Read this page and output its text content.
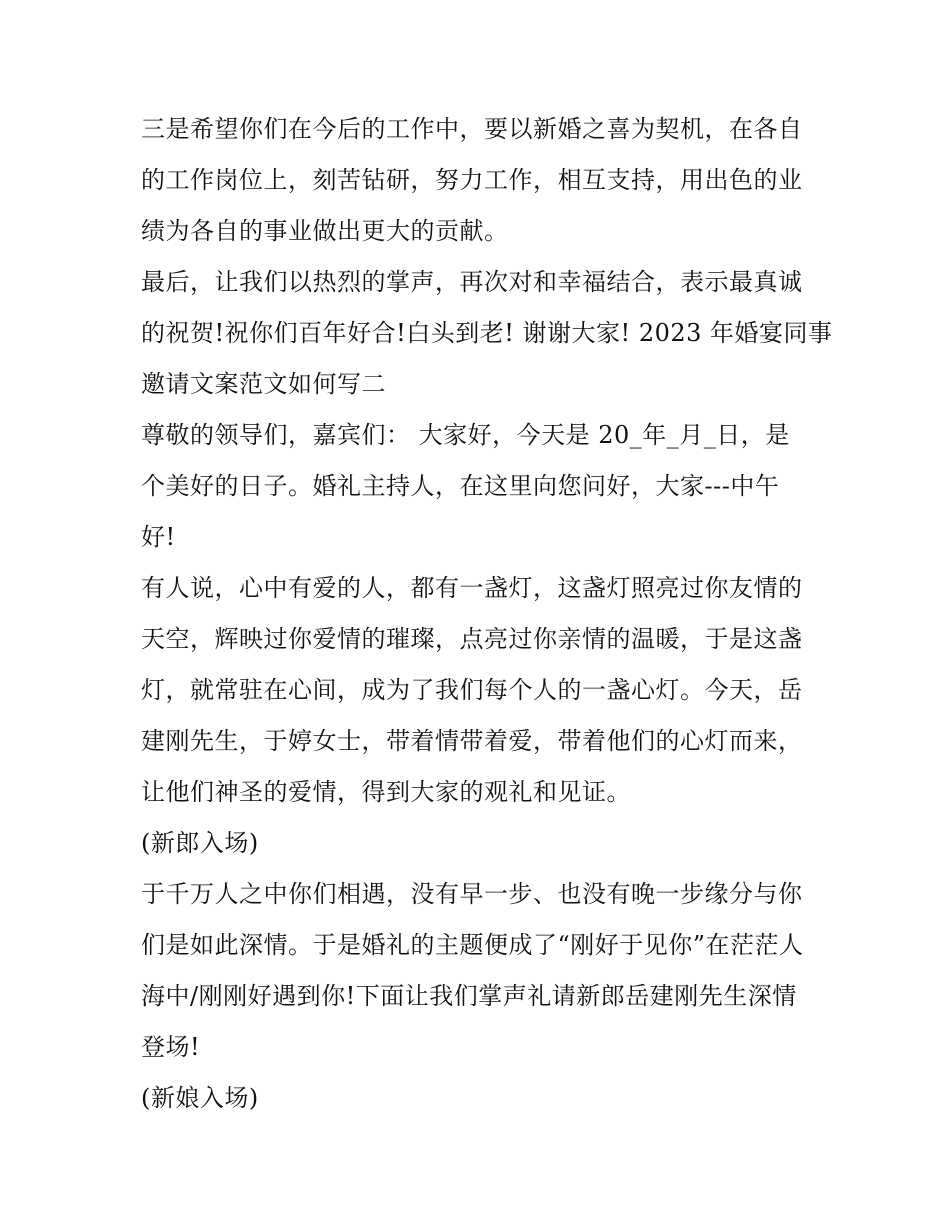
三是希望你们在今后的工作中，要以新婚之喜为契机，在各自
的工作岗位上，刻苦钻研，努力工作，相互支持，用出色的业
绩为各自的事业做出更大的贡献。
最后，让我们以热烈的掌声，再次对和幸福结合，表示最真诚
的祝贺!祝你们百年好合!白头到老! 谢谢大家! 2023 年婚宴同事
邀请文案范文如何写二
尊敬的领导们，嘉宾们： 大家好，今天是 20_年_月_日，是
个美好的日子。婚礼主持人，在这里向您问好，大家---中午
好!
有人说，心中有爱的人，都有一盏灯，这盏灯照亮过你友情的
天空，辉映过你爱情的璀璨，点亮过你亲情的温暖，于是这盏
灯，就常驻在心间，成为了我们每个人的一盏心灯。今天，岳
建刚先生，于婷女士，带着情带着爱，带着他们的心灯而来，
让他们神圣的爱情，得到大家的观礼和见证。
(新郎入场)
于千万人之中你们相遇，没有早一步、也没有晚一步缘分与你
们是如此深情。于是婚礼的主题便成了“刚好于见你”在茫茫人
海中/刚刚好遇到你!下面让我们掌声礼请新郎岳建刚先生深情
登场!
(新娘入场)
